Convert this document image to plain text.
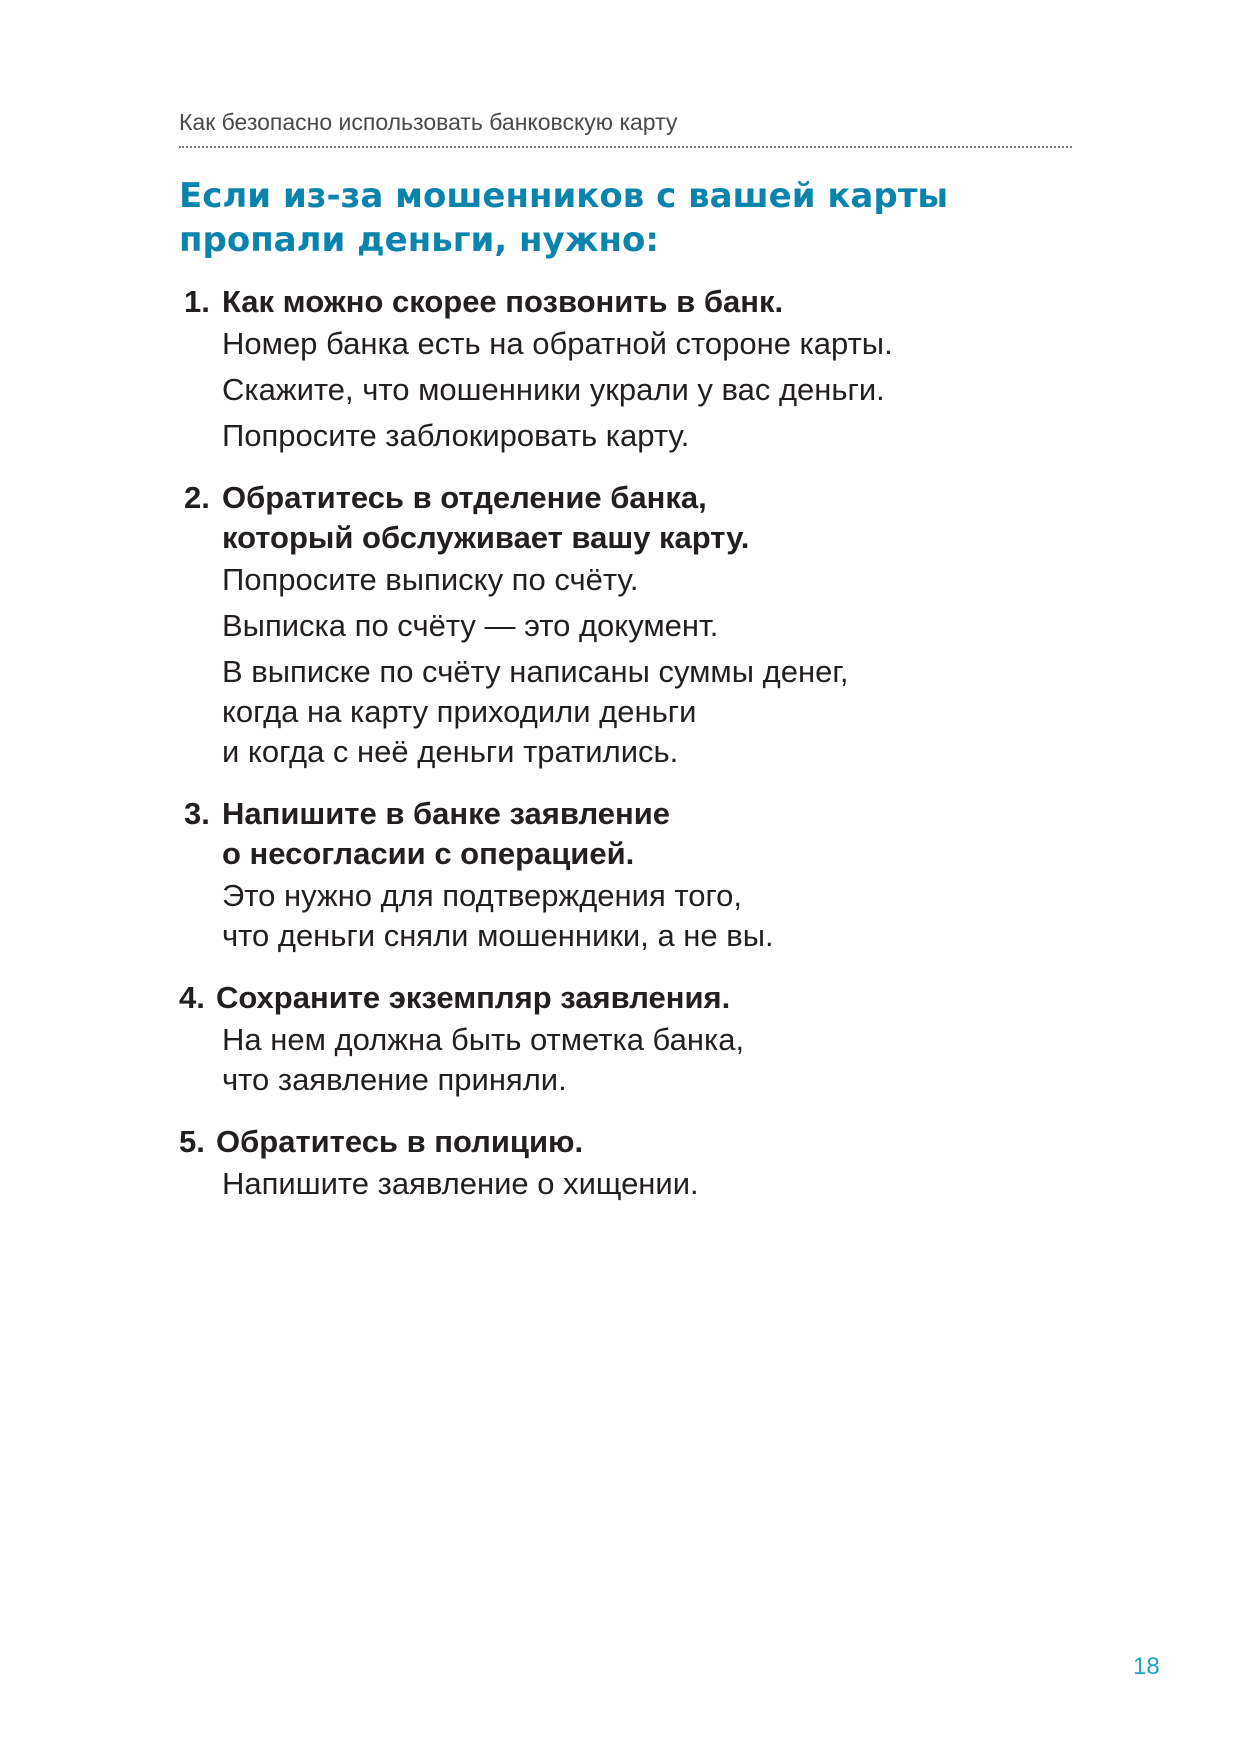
Как безопасно использовать банковскую карту
Если из-за мошенников с вашей карты
пропали деньги, нужно:
1. Как можно скорее позвонить в банк.

Номер банка есть на обратной стороне карты.

Скажите, что мошенники украли у вас деньги.

Попросите заблокировать карту.

2. Обратитесь в отделение банка,
который обслуживает вашу карту.

Попросите выписку по счёту.

Выписка по счёту — это документ.

В выписке по счёту написаны суммы денег,
когда на карту приходили деньги
и когда с неё деньги тратились.

3. Напишите в банке заявление
о несогласии с операцией.

Это нужно для подтверждения того,
что деньги сняли мошенники, а не вы.

4. Сохраните экземпляр заявления.

На нем должна быть отметка банка,
что заявление приняли.

5. Обратитесь в полицию.

Напишите заявление о хищении.

18
